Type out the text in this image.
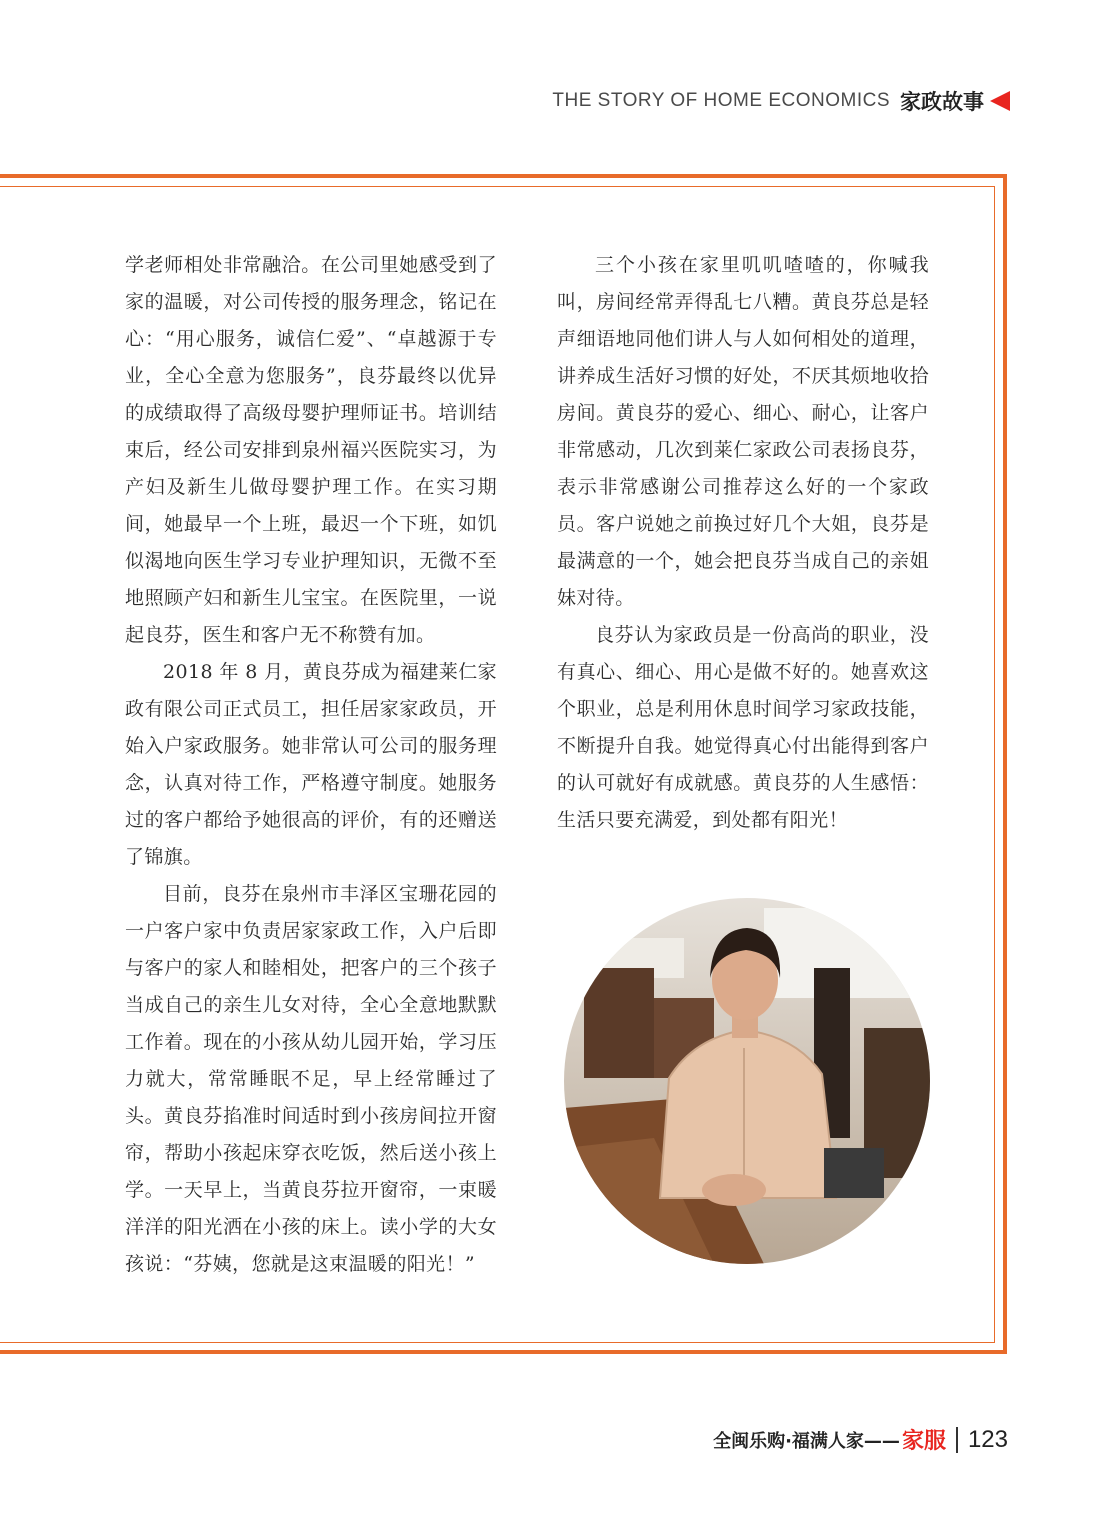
THE STORY OF HOME ECONOMICS 家政故事

学老师相处非常融洽。在公司里她感受到了家的温暖，对公司传授的服务理念，铭记在心：“用心服务，诚信仁爱”、“卓越源于专业，全心全意为您服务”，良芬最终以优异的成绩取得了高级母婴护理师证书。培训结束后，经公司安排到泉州福兴医院实习，为产妇及新生儿做母婴护理工作。在实习期间，她最早一个上班，最迟一个下班，如饥似渴地向医生学习专业护理知识，无微不至地照顾产妇和新生儿宝宝。在医院里，一说起良芬，医生和客户无不称赞有加。

2018 年 8 月，黄良芬成为福建莱仁家政有限公司正式员工，担任居家家政员，开始入户家政服务。她非常认可公司的服务理念，认真对待工作，严格遵守制度。她服务过的客户都给予她很高的评价，有的还赠送了锦旗。

目前，良芬在泉州市丰泽区宝珊花园的一户客户家中负责居家家政工作，入户后即与客户的家人和睦相处，把客户的三个孩子当成自己的亲生儿女对待，全心全意地默默工作着。现在的小孩从幼儿园开始，学习压力就大，常常睡眠不足，早上经常睡过了头。黄良芬掐准时间适时到小孩房间拉开窗帘，帮助小孩起床穿衣吃饭，然后送小孩上学。一天早上，当黄良芬拉开窗帘，一束暖洋洋的阳光洒在小孩的床上。读小学的大女孩说：“芬姨，您就是这束温暖的阳光！”

三个小孩在家里叽叽喳喳的，你喊我叫，房间经常弄得乱七八糟。黄良芬总是轻声细语地同他们讲人与人如何相处的道理，讲养成生活好习惯的好处，不厌其烦地收拾房间。黄良芬的爱心、细心、耐心，让客户非常感动，几次到莱仁家政公司表扬良芬，表示非常感谢公司推荐这么好的一个家政员。客户说她之前换过好几个大姐，良芬是最满意的一个，她会把良芬当成自己的亲姐妹对待。

良芬认为家政员是一份高尚的职业，没有真心、细心、用心是做不好的。她喜欢这个职业，总是利用休息时间学习家政技能，不断提升自我。她觉得真心付出能得到客户的认可就好有成就感。黄良芬的人生感悟：生活只要充满爱，到处都有阳光！

全闽乐购·福满人家—— 家服 123
